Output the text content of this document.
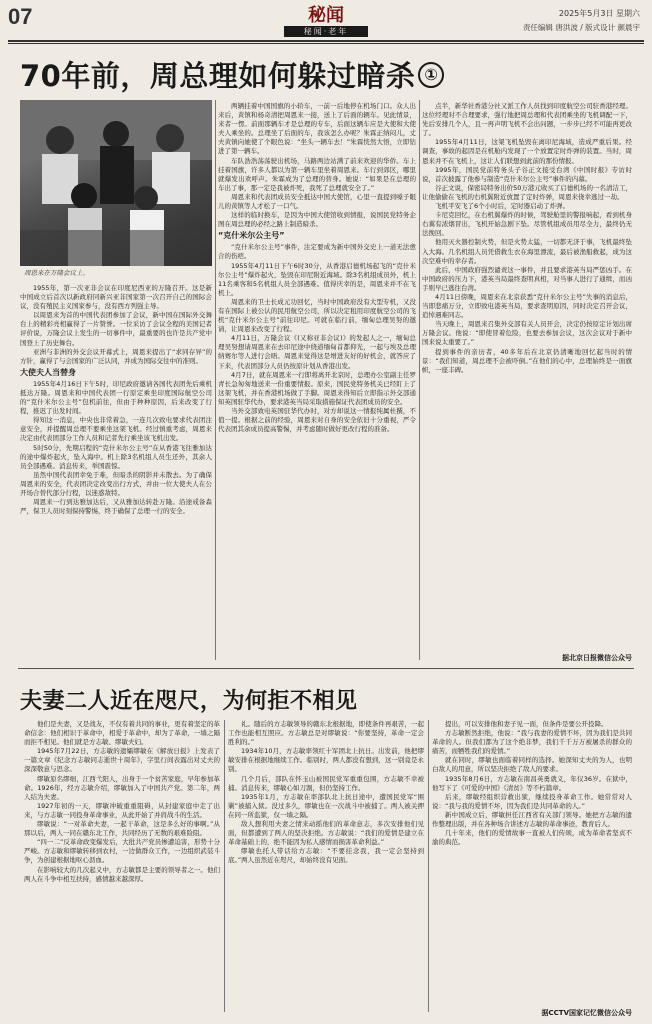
07	秘闻
秘闻·老年
2025年5月3日 星期六
责任编辑 唐洪波 / 版式设计 颜晨宇
70年前，周总理如何躲过暗杀 ①
周恩来在万隆会议上。

1955年，第一次亚非会议在印度尼西亚的万隆召开。这是新中国成立后首次以新政府同新兴亚非国家第一次召开自己的国际会议，没有殖民主义国家参与，没有西方列强主导。

以周恩来为首的中国代表团参加了会议，新中国在国际外交舞台上的精彩亮相赢得了一片赞誉。一位采访了会议全程的美国记者评价说，万隆会议上发生的一切事件中，最重要的也许是共产党中国登上了历史舞台。

亚洲与非洲的外交会议开幕式上，周恩来提出了“求同存异”的方针，赢得了与会国家的广泛认同，并成为国际交往中的准则。

大使夫人当替身

1955年4月16日下午5时，印尼政府邀请各国代表团先后乘机抵达万隆。周恩来和中国代表团一行原定乘坐印度国际航空公司的“克什米尔公主号”包机前往，但由于种种原因，后来改变了行程，推迟了出发时间。

得知这一消息，中央也非常着急，一连几次致电要求代表团注意安全，并提醒周总理不要乘坐这架飞机。经过慎重考虑，周恩来决定由代表团部分工作人员和记者先行乘坐该飞机出发。

5时50分，先期启程的“克什米尔公主号”在从香港飞往雅加达的途中爆炸起火，坠入海中。机上除3名机组人员生还外，其余人员全部遇难。消息传来，举国震惊。

虽然中国代表团幸免于难，但暗杀的阴影并未散去。为了确保周恩来的安全，代表团决定改变出行方式，并由一位大使夫人在公开场合替代部分行程，以迷惑敌特。

周恩来一行到达雅加达后，又从雅加达转赴万隆。沿途戒备森严，保卫人员时刻保持警惕，终于确保了总理一行的安全。

两辆挂着中国国旗的小轿车，一前一后地停在机场门口。众人出来后，黄镇和杨奇清把周恩来一接，送上了后面的辆车。见此情景，来者一愣。前面那辆车才是总理的专车，后面这辆车应是大使和大使夫人乘坐的。总理坐了后面的车，我该怎么办呢？朱霖正纳闷儿，丈夫黄镇向她使了个眼色说：“坐头一辆车去！”朱霖恍然大悟，立即钻进了第一辆车。

车队浩浩荡荡驶出机场，马路两边站满了前来欢迎的华侨。车上挂着国旗，许多人都以为第一辆车里坐着周恩来。车行到郊区，哪里就爆发出欢呼声。朱霖成为了总理的替身。她说：“如果是在总理的车出了事，那一定是我被炸死，我死了总理就安全了。”

周恩来和代表团成员安全抵达中国大使馆，心里一直提到嗓子眼儿的黄镇等人才松了一口气。

这样的临时换车，是因为中国大使馆收到情报，说国民党特务企图在周总理的必经之路上制造暗杀。

“克什米尔公主号”

“克什米尔公主号”事件，注定要成为新中国外交史上一道无法愈合的伤疤。

1955年4月11日下午6时30分，从香港启德机场起飞的“克什米尔公主号”爆炸起火，坠毁在印尼附近海域。除3名机组成员外，机上11名乘客和5名机组人员全部遇难。值得庆幸的是，周恩来并不在飞机上。

周恩来的卫士长成元功回忆，当时中国政府没有大型专机，又没有在国际上被公认的民用航空公司，所以决定租用印度航空公司的飞机“克什米尔公主号”前往印尼。可就在临行前，缅甸总理吴努的邀请，让周恩来改变了行程。

4月11日，万隆会议《(又称亚非会议)》的发起人之一，缅甸总理吴努想请周恩来在去印尼途中绕道缅甸首都仰光，一起与埃及总理纳赛尔等人进行会晤。周恩来觉得这是增进友好的好机会，就答应了下来，代表团部分人员仍按原计划从香港出发。

4月7日，就在周恩来一行即将离开北京时，总理办公室副主任罗青长急匆匆地送来一份重要情报。原来，国民党特务机关已经盯上了这架飞机，并在香港机场做了手脚。周恩来得知后立即指示外交部通知英国驻华代办，要求港英当局采取措施保证代表团成员的安全。

当外交部致电英国驻华代办时，对方却说这一情报纯属杜撰，不值一提。根据之前的经验，周恩来对自身的安全依旧十分重视，严令代表团其余成员提高警惕，并考虑随时做好更改行程的准备。

点半，新华社香港分社又派工作人员找到印度航空公司驻香港经理。这位经理对不合理要求，强行地把周总理和代表团乘坐的飞机调配一下，先后安排几个人，且一再声明飞机不会出问题，一步步已经不可能再更改了。

1955年4月11日，这架飞机坠毁在离印尼海域，造成严重后果。经调查，事故的起因是在机舱内发现了一个放置定时炸弹的装置。当时，周恩来并不在飞机上，这让人们联想到此前的那份情报。

1995年，国民党前特务头子谷正文接受台湾《中国时报》专访时说，首次披露了他参与制造“克什米尔公主号”事件的内幕。

谷正文说，保密局特务出价50万港元收买了启德机场的一名清洁工，让他偷偷在飞机的右机翼附近放置了定时炸弹，周恩来侥幸逃过一劫。

飞机平安飞了6个小时后，定时器启动了炸弹。

卡尼克回忆，在右机翼爆炸的时候，驾驶舱里的警报响起，看到机身右翼有浓烟冒出，飞机开始急剧下坠。尽管机组成员用尽全力，最终仍无法挽回。

他用灭火器控制火势，但是火势太猛，一切都无济于事，飞机最终坠入大海。几名机组人员凭借救生衣在海里漂流，最后被渔船救起，成为这次空难中的幸存者。

此后，中国政府强烈谴责这一事件，并且要求港英当局严惩凶手。在中国政府的压力下，港英当局最终查明真相，对当事人进行了通缉，而凶手则早已逃往台湾。

4月11日傍晚，周恩来在北京获悉“克什米尔公主号”失事的消息后，当即悲痛万分，立即致电港英当局，要求查明原因，同时决定召开会议，追悼遇难同志。

当天晚上，周恩来召集外交部有关人员开会，决定仍按原定计划出席万隆会议。他说：“即使冒着危险，也要去参加会议，这次会议对于新中国来说太重要了。”

提到事件的亲历者，40多年后在北京仍清晰地回忆起当时的情景：“我们知道，周总理不会被吓倒。”在他们的心中，总理始终是一面旗帜，一座丰碑。

据北京日报微信公众号
夫妻二人近在咫尺，为何拒不相见

他们是夫妻，又是战友，不仅有着共同的事业，更有着坚定的革命信念：他们相识于革命中，相爱于革命中，却为了革命，一墙之隔而拒不相见。他们就是方志敏、缪敏夫妇。

1945年7月22日，方志敏的遗孀缪敏在《解放日报》上发表了一篇文章《纪念方志敏同志逝世十周年》，字里行间表露出对丈夫的深深敬意与思念。

缪敏原名缪细，江西弋阳人，出身于一个贫苦家庭，早年参加革命。1926年，经方志敏介绍，缪敏加入了中国共产党。第二年，两人结为夫妻。

1927年初的一天，缪敏冲破重重阻碍，从封建家庭中走了出来，与方志敏一同投身革命事业，从此开始了并肩战斗的生活。

缪敏说：“一对革命夫妻，一起干革命，这是多么好的事啊。”从那以后，两人一同在赣东北工作，共同经历了无数的艰难险阻。

“四一二”反革命政变爆发后，大批共产党员惨遭迫害，形势十分严峻。方志敏和缪敏转移到农村，一边做群众工作，一边组织武装斗争，为创建根据地呕心沥血。

在影响较大的几次起义中，方志敏都是主要的领导者之一。他们两人在斗争中相互扶持，感情越来越深厚。

礼。随后的方志敏领导的赣东北根据地，即使条件再艰苦，一起工作也能相互照应。方志敏总是对缪敏说：“你要坚持，革命一定会胜利的。”

1934年10月，方志敏率领红十军团北上抗日。出发前，他把缪敏安排在根据地继续工作。临别时，两人都没有想到，这一别竟是永别。

几个月后，部队在怀玉山被国民党军重重包围，方志敏不幸被捕。消息传来，缪敏心如刀割，但仍坚持工作。

1935年1月，方志敏在率部队北上抗日途中，遭国民党军“围剿”被捕入狱。没过多久，缪敏也在一次战斗中被捕了。两人被关押在同一所监狱，仅一墙之隔。

敌人想利用夫妻之情来动摇他们的革命意志，多次安排他们见面，但都遭到了两人的坚决拒绝。方志敏说：“我们的爱情是建立在革命基础上的，绝不能因为私人感情而损害革命利益。”

缪敏也托人带话给方志敏：“不要挂念我，我一定会坚持到底。”两人虽然近在咫尺，却始终没有见面。

提出，可以安排他和妻子见一面，但条件是要公开投降。

方志敏断然拒绝，他说：“我与我妻的爱情不坏，因为我们是共同革命的人。但我们都为了这个绝非梦，我们千千万万被屠杀的群众的痛苦，而牺牲我们的爱情。”

就在同时，缪敏也面临着同样的选择。她深知丈夫的为人，也明白敌人的用意，所以坚决拒绝了敌人的要求。

1935年8月6日，方志敏在南昌英勇就义，年仅36岁。在狱中，他写下了《可爱的中国》《清贫》等不朽篇章。

后来，缪敏经组织营救出狱，继续投身革命工作。她常常对人说：“我与我的爱情不坏，因为我们是共同革命的人。”

新中国成立后，缪敏担任江西省有关部门领导。她把方志敏的遗作整理出版，并在各种场合讲述方志敏的革命事迹，教育后人。

几十年来，他们的爱情故事一直被人们传颂，成为革命者坚贞不渝的典范。

据CCTV国家记忆微信公众号
